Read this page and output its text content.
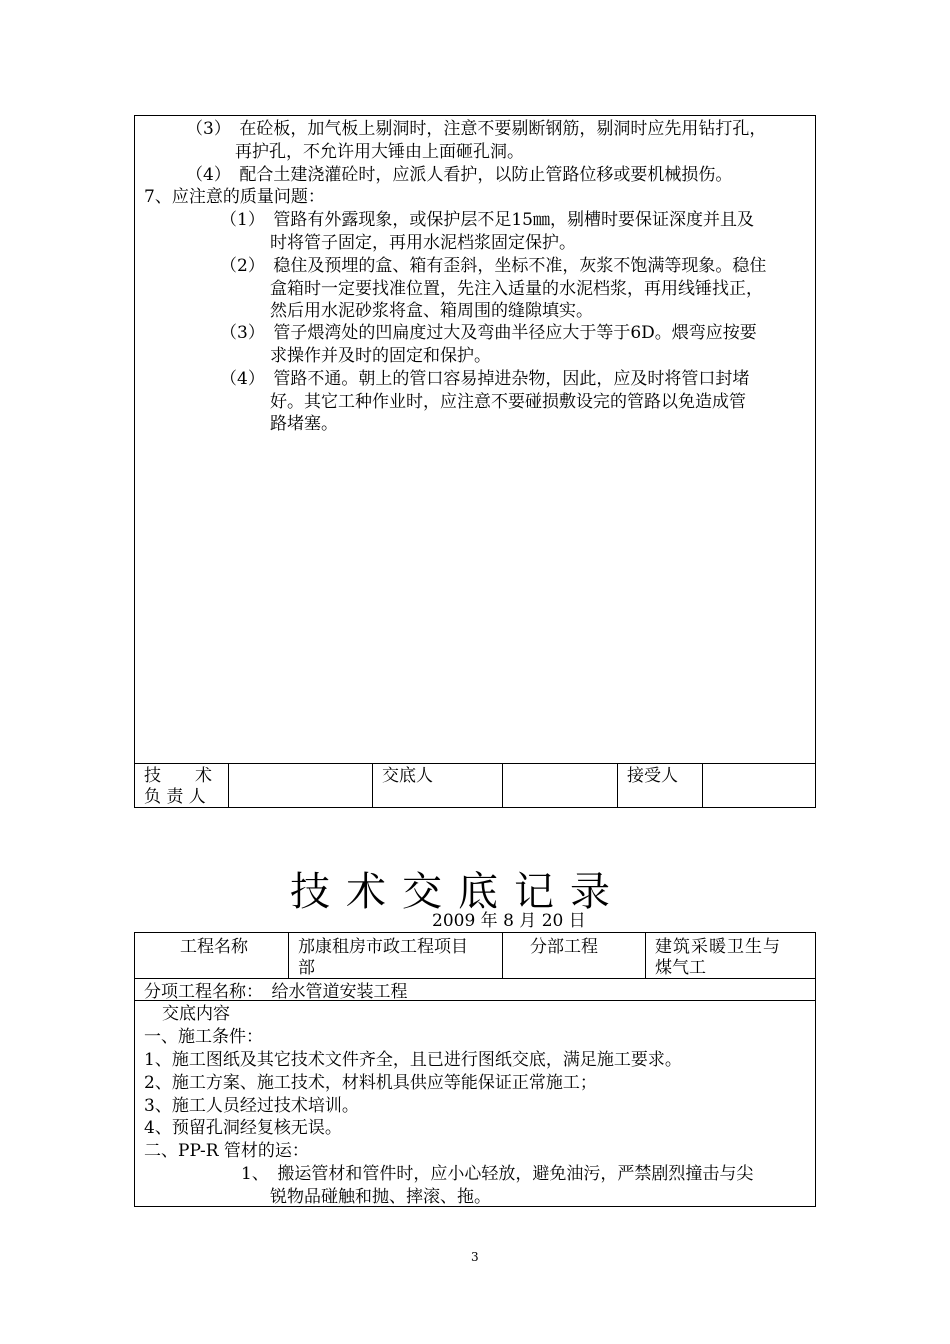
（3）　在砼板，加气板上剔洞时，注意不要剔断钢筋，剔洞时应先用钻打孔，
再护孔，不允许用大锤由上面砸孔洞。
（4）　配合土建浇灌砼时，应派人看护，以防止管路位移或要机械损伤。
7、应注意的质量问题：
（1）　管路有外露现象，或保护层不足15㎜，剔槽时要保证深度并且及
时将管子固定，再用水泥档浆固定保护。
（2）　稳住及预埋的盒、箱有歪斜，坐标不准，灰浆不饱满等现象。稳住
盒箱时一定要找准位置，先注入适量的水泥档浆，再用线锤找正，
然后用水泥砂浆将盒、箱周围的缝隙填实。
（3）　管子煨湾处的凹扁度过大及弯曲半径应大于等于6D。煨弯应按要
求操作并及时的固定和保护。
（4）　管路不通。朝上的管口容易掉进杂物，因此，应及时将管口封堵
好。其它工种作业时，应注意不要碰损敷设完的管路以免造成管
路堵塞。
技　　术
负 责 人
交底人	接受人
技术交底记录
2009 年 8 月 20 日
工程名称	邡康租房市政工程项目
部
分部工程	建筑采暖卫生与
煤气工
分项工程名称：　给水管道安装工程
交底内容
一、施工条件：
1、施工图纸及其它技术文件齐全，且已进行图纸交底，满足施工要求。
2、施工方案、施工技术，材料机具供应等能保证正常施工；
3、施工人员经过技术培训。
4、预留孔洞经复核无误。
二、PP-R 管材的运：
1、　搬运管材和管件时，应小心轻放，避免油污，严禁剧烈撞击与尖
锐物品碰触和抛、摔滚、拖。
3
